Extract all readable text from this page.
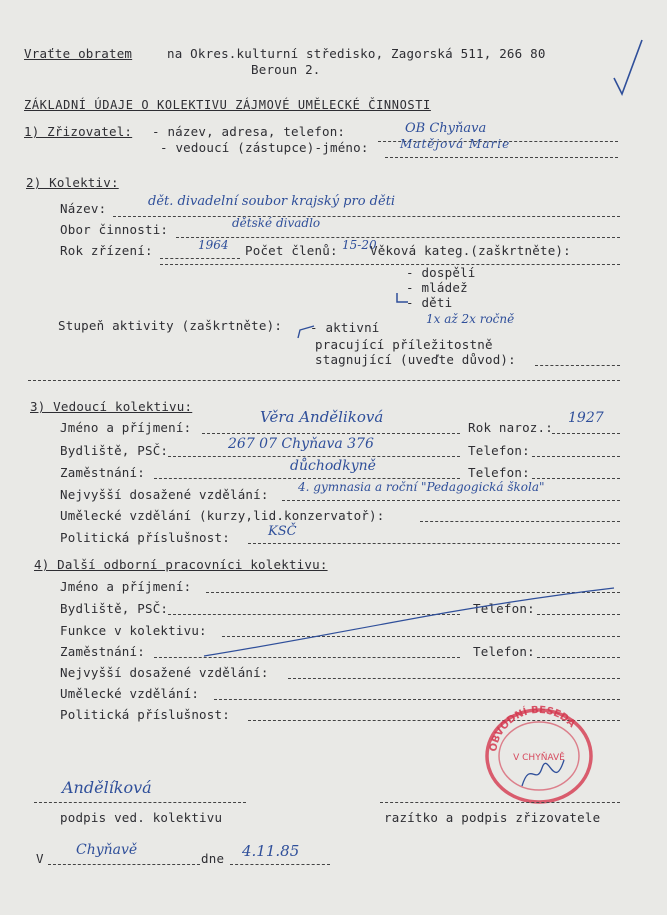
Vraťte obratem	na Okres.kulturní středisko, Zagorská 511, 266 80
Beroun 2.
ZÁKLADNÍ ÚDAJE O KOLEKTIVU ZÁJMOVÉ UMĚLECKÉ ČINNOSTI
1) Zřizovatel: - název, adresa, telefon:	OB Chyňava
- vedoucí (zástupce)-jméno:	Matějová Marie
2) Kolektiv:
Název:	dět. divadelní soubor krajský pro děti
Obor činnosti:	dětské divadlo
Rok zřízení:	1964 Počet členů: 15-20
Věková kateg.(zaškrtněte):
- dospělí
- mládež
- děti
Stupeň aktivity (zaškrtněte): - aktivní
1x až 2x ročně
pracující příležitostně
stagnující (uveďte důvod):
3) Vedoucí kolektivu:
Jméno a příjmení:
Věra Anděliková
Rok naroz.:
1927
Bydliště, PSČ:	267 07 Chyňava 376	Telefon:
Zaměstnání:	důchodkyně	Telefon:
Nejvyšší dosažené vzdělání: 4. gymnasia a roční "Pedagogická škola"
Umělecké vzdělání (kurzy,lid.konzervatoř):
Politická příslušnost:	KSČ
4) Další odborní pracovníci kolektivu:
Jméno a příjmení:
Bydliště, PSČ:	Telefon:
Funkce v kolektivu:
Zaměstnání:	Telefon:
Nejvyšší dosažené vzdělání:
Umělecké vzdělání:
Politická příslušnost:
OBVODNÍ BESEDA
V CHYŇAVĚ
Andělíková
podpis ved. kolektivu	razítko a podpis zřizovatele
V
Chyňavě
dne 4.11.85
